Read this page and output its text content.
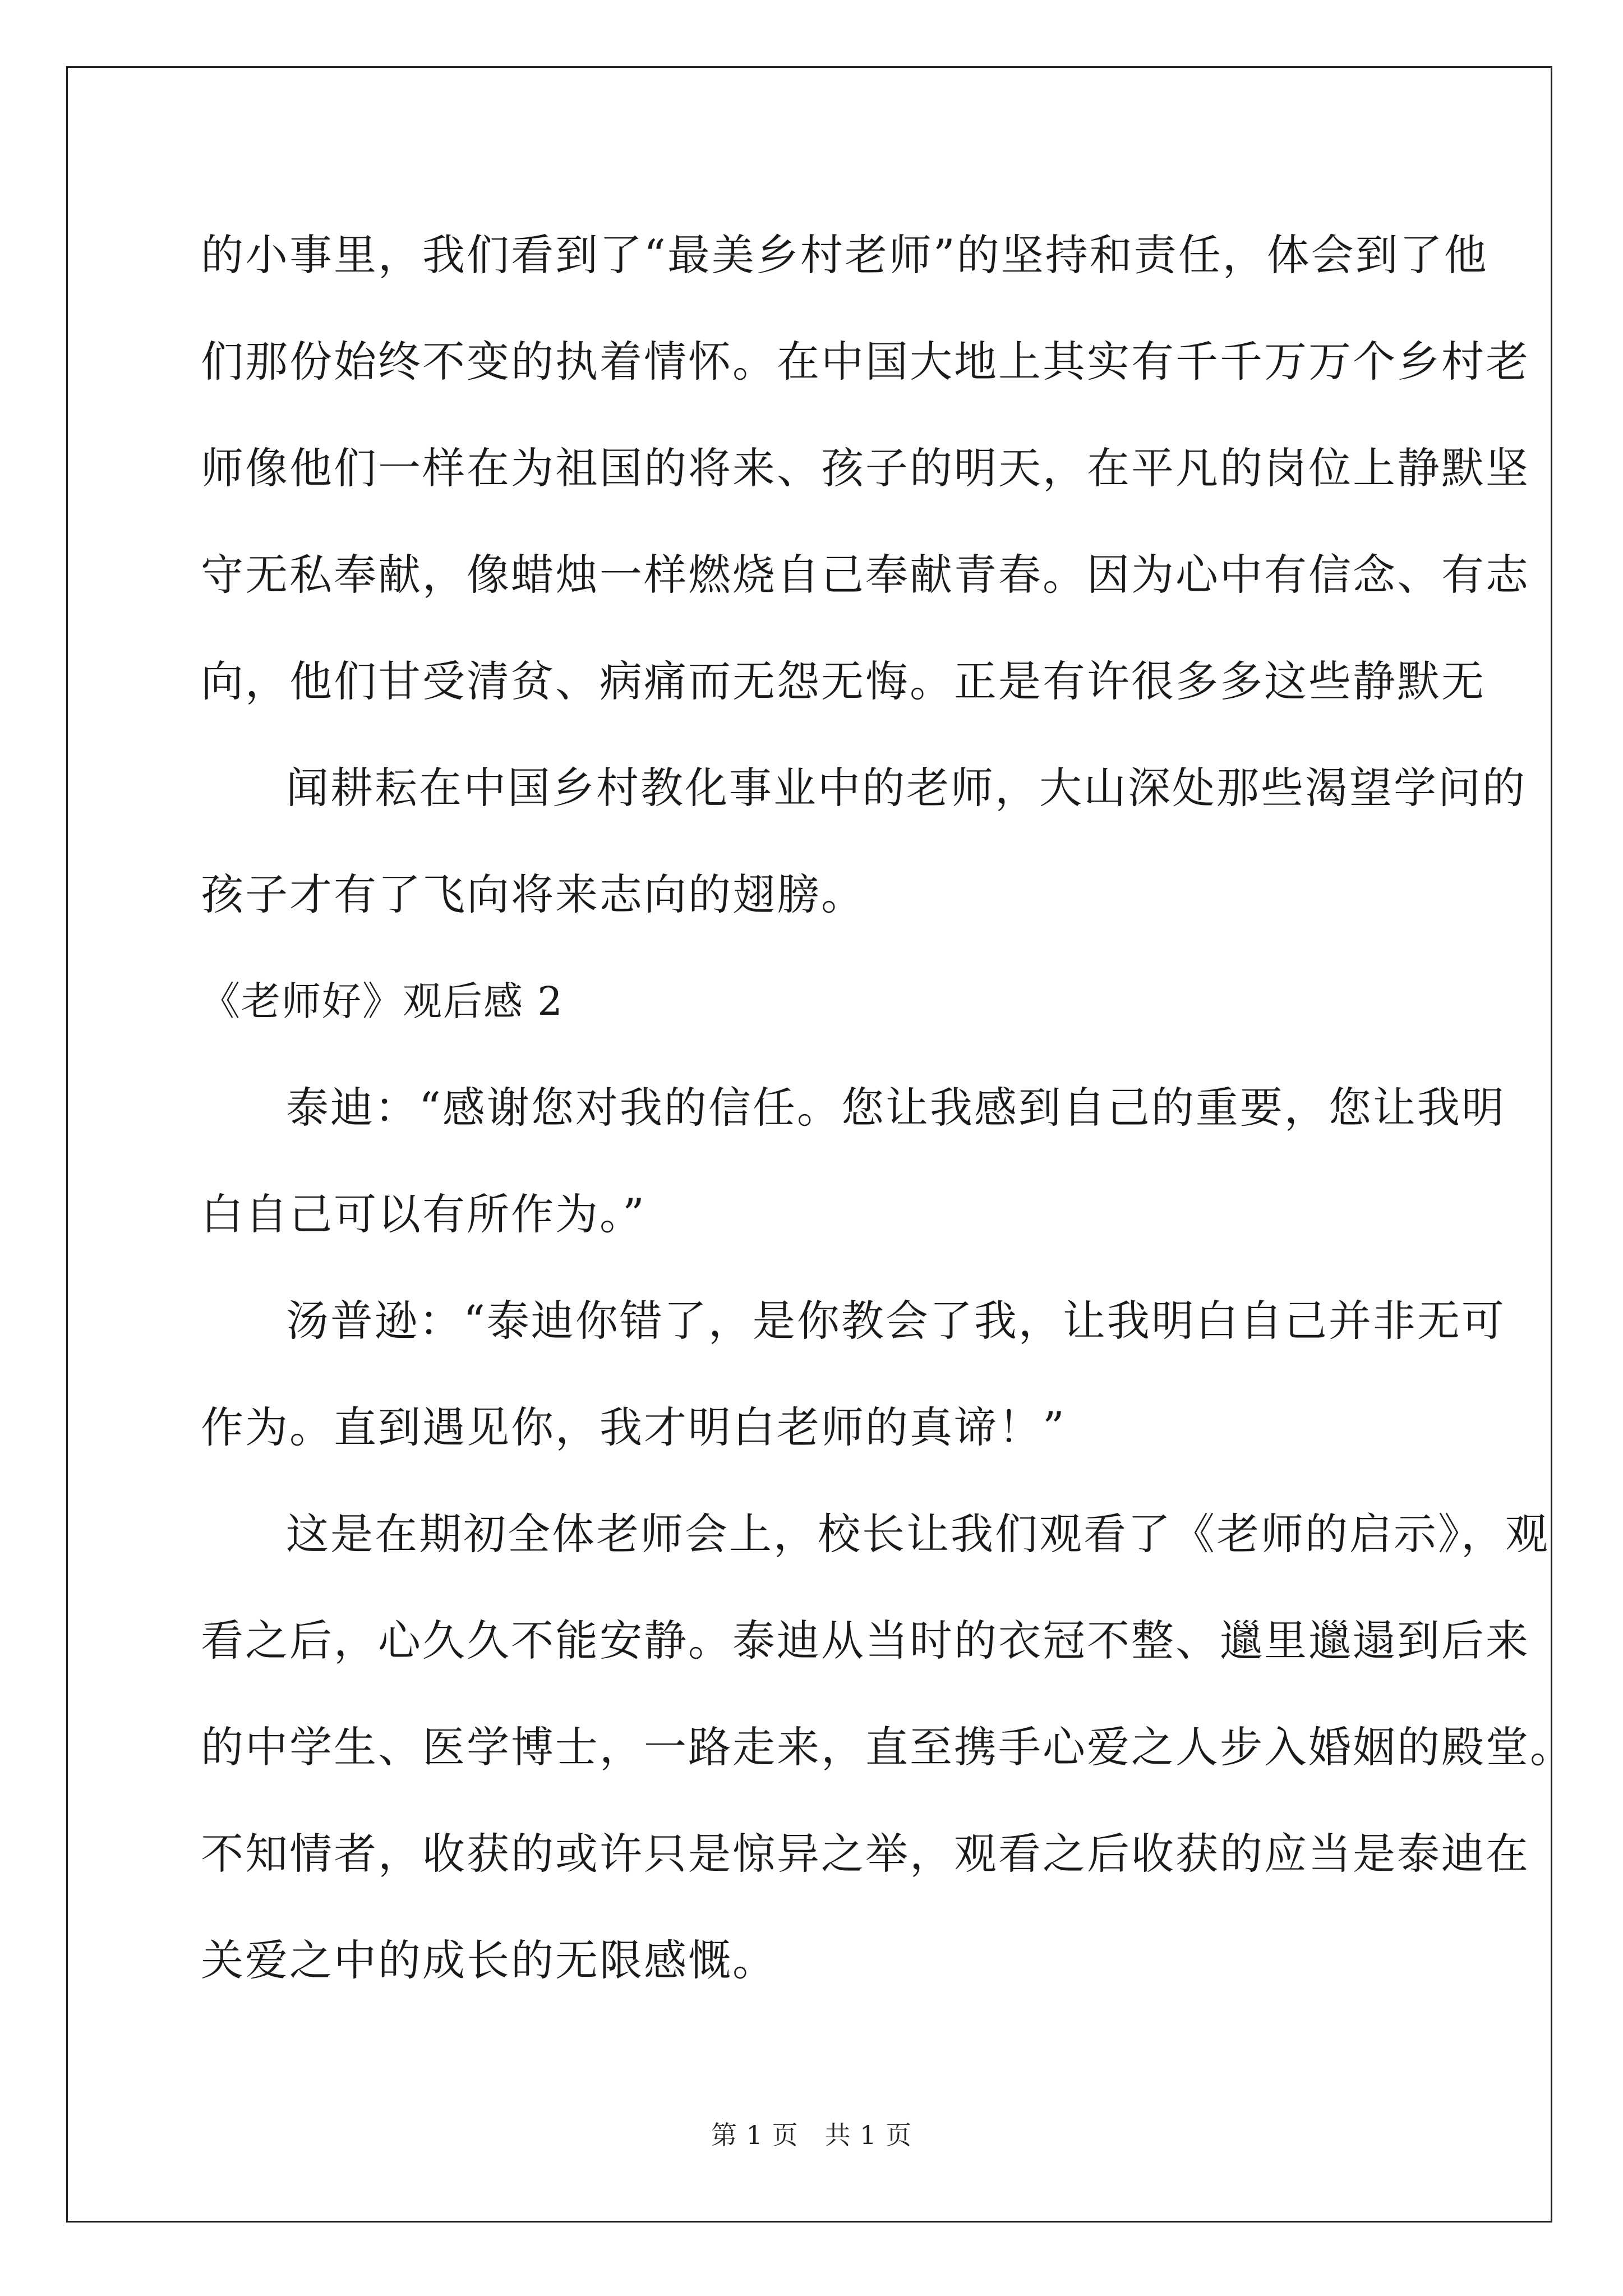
的小事里，我们看到了“最美乡村老师”的坚持和责任，体会到了他
们那份始终不变的执着情怀。在中国大地上其实有千千万万个乡村老
师像他们一样在为祖国的将来、孩子的明天，在平凡的岗位上静默坚
守无私奉献，像蜡烛一样燃烧自己奉献青春。因为心中有信念、有志
向，他们甘受清贫、病痛而无怨无悔。正是有许很多多这些静默无
闻耕耘在中国乡村教化事业中的老师，大山深处那些渴望学问的
孩子才有了飞向将来志向的翅膀。
《老师好》观后感 2
泰迪：“感谢您对我的信任。您让我感到自己的重要，您让我明
白自己可以有所作为。”
汤普逊：“泰迪你错了，是你教会了我，让我明白自己并非无可
作为。直到遇见你，我才明白老师的真谛！”
这是在期初全体老师会上，校长让我们观看了《老师的启示》，观
看之后，心久久不能安静。泰迪从当时的衣冠不整、邋里邋遢到后来
的中学生、医学博士，一路走来，直至携手心爱之人步入婚姻的殿堂。
不知情者，收获的或许只是惊异之举，观看之后收获的应当是泰迪在
关爱之中的成长的无限感慨。
第 1 页　共 1 页
